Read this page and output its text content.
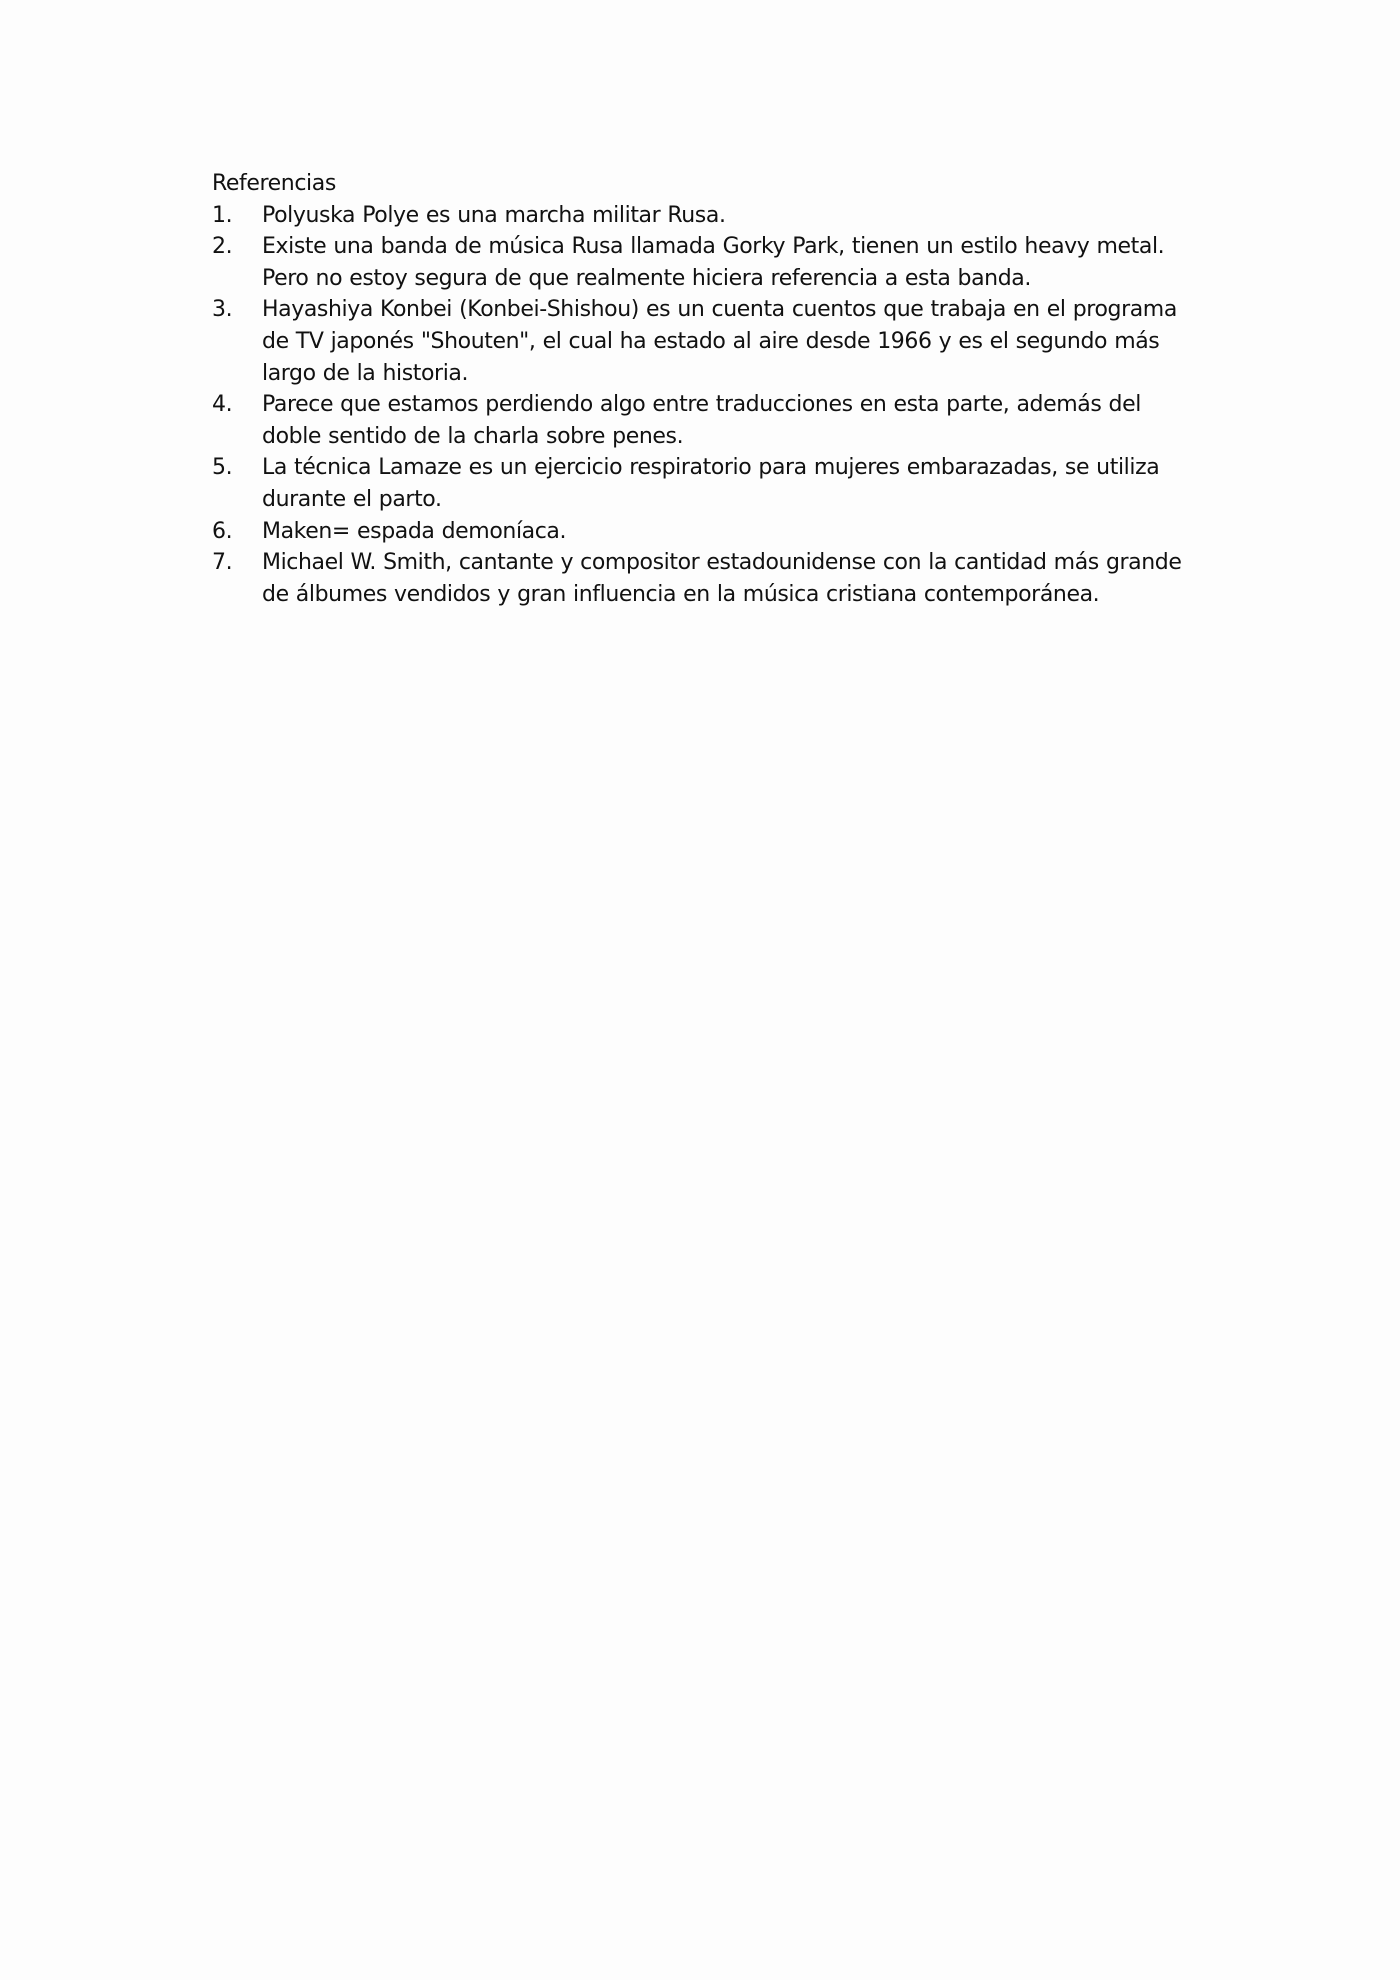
Referencias
1.	Polyuska Polye es una marcha militar Rusa.
2.	Existe una banda de música Rusa llamada Gorky Park, tienen un estilo heavy metal. Pero no estoy segura de que realmente hiciera referencia a esta banda.
3.	Hayashiya Konbei (Konbei-Shishou) es un cuenta cuentos que trabaja en el programa de TV japonés "Shouten", el cual ha estado al aire desde 1966 y es el segundo más largo de la historia.
4.	Parece que estamos perdiendo algo entre traducciones en esta parte, además del doble sentido de la charla sobre penes.
5.	La técnica Lamaze es un ejercicio respiratorio para mujeres embarazadas, se utiliza durante el parto.
6.	Maken= espada demoníaca.
7.	Michael W. Smith, cantante y compositor estadounidense con la cantidad más grande de álbumes vendidos y gran influencia en la música cristiana contemporánea.
